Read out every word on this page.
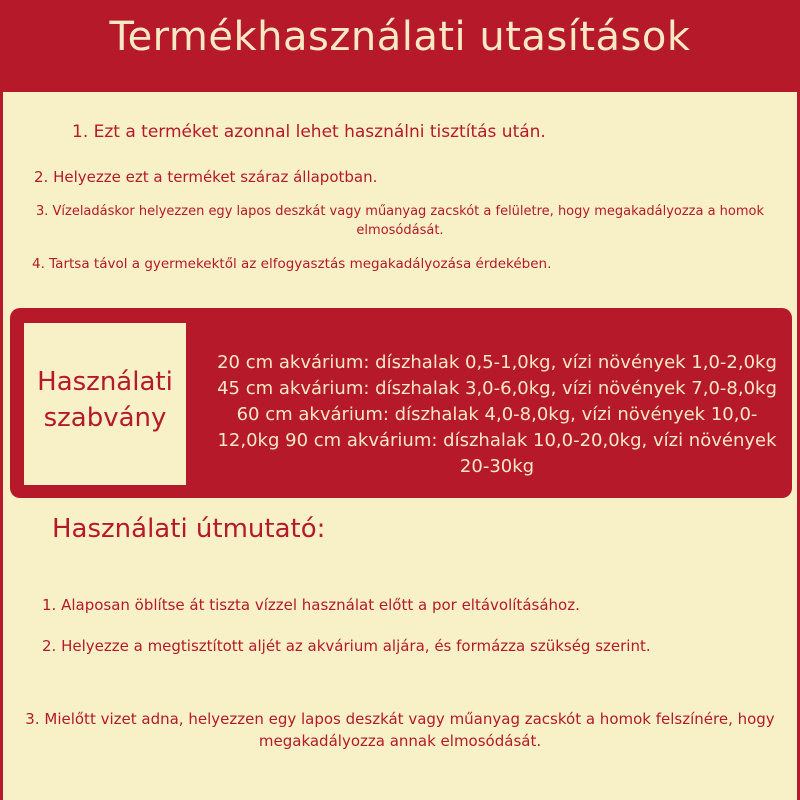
Termékhasználati utasítások
1. Ezt a terméket azonnal lehet használni tisztítás után.
2. Helyezze ezt a terméket száraz állapotban.
3. Vízeladáskor helyezzen egy lapos deszkát vagy műanyag zacskót a felületre, hogy megakadályozza a homok elmosódását.
4. Tartsa távol a gyermekektől az elfogyasztás megakadályozása érdekében.
Használati szabvány
20 cm akvárium: díszhalak 0,5-1,0kg, vízi növények 1,0-2,0kg 45 cm akvárium: díszhalak 3,0-6,0kg, vízi növények 7,0-8,0kg 60 cm akvárium: díszhalak 4,0-8,0kg, vízi növények 10,0-12,0kg 90 cm akvárium: díszhalak 10,0-20,0kg, vízi növények 20-30kg
Használati útmutató:
1. Alaposan öblítse át tiszta vízzel használat előtt a por eltávolításához.
2. Helyezze a megtisztított aljét az akvárium aljára, és formázza szükség szerint.
3. Mielőtt vizet adna, helyezzen egy lapos deszkát vagy műanyag zacskót a homok felszínére, hogy megakadályozza annak elmosódását.
